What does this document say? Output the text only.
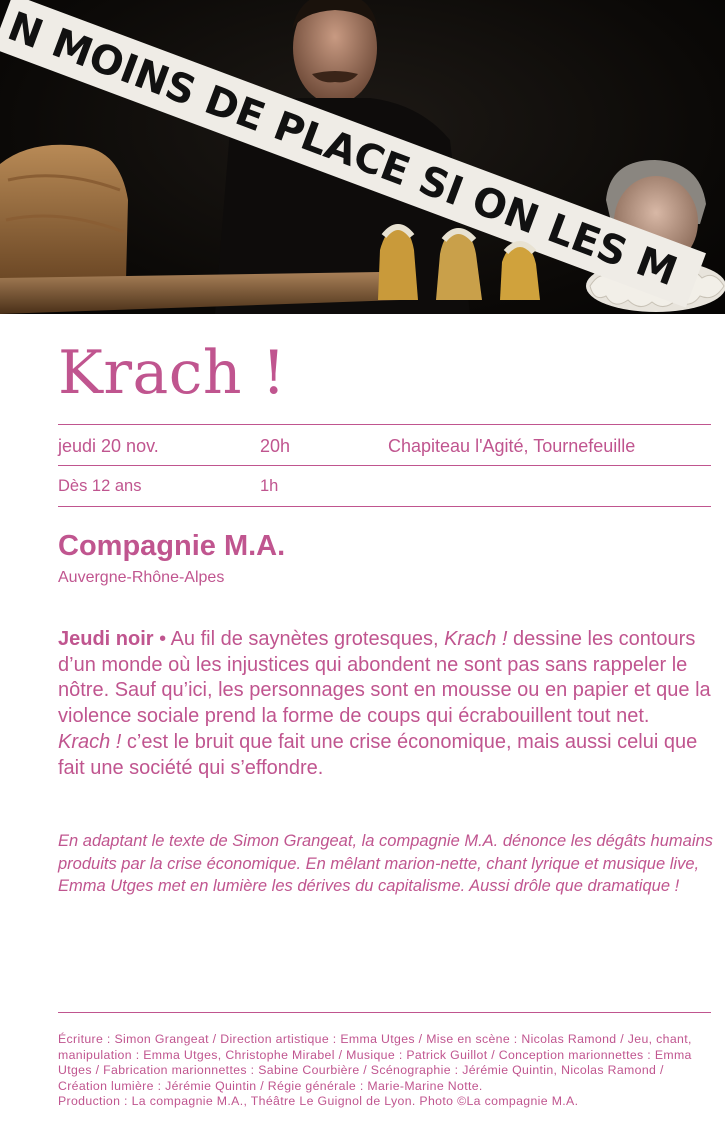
N MOINS DE PLACE SI ON LES M
Krach !
jeudi 20 nov.	20h	Chapiteau l'Agité, Tournefeuille
Dès 12 ans	1h
Compagnie M.A.
Auvergne-Rhône-Alpes

Jeudi noir • Au fil de saynètes grotesques, Krach ! dessine les contours d’un monde où les injustices qui abondent ne sont pas sans rappeler le nôtre. Sauf qu’ici, les personnages sont en mousse ou en papier et que la violence sociale prend la forme de coups qui écrabouillent tout net.
Krach ! c’est le bruit que fait une crise économique, mais aussi celui que fait une société qui s’effondre.

En adaptant le texte de Simon Grangeat, la compagnie M.A. dénonce les dégâts humains produits par la crise économique. En mêlant marion-nette, chant lyrique et musique live, Emma Utges met en lumière les dérives du capitalisme. Aussi drôle que dramatique !

Écriture : Simon Grangeat / Direction artistique : Emma Utges / Mise en scène : Nicolas Ramond / Jeu, chant, manipulation : Emma Utges, Christophe Mirabel / Musique : Patrick Guillot / Conception marionnettes : Emma Utges / Fabrication marionnettes : Sabine Courbière / Scénographie : Jérémie Quintin, Nicolas Ramond / Création lumière : Jérémie Quintin / Régie générale : Marie-Marine Notte.
Production : La compagnie M.A., Théâtre Le Guignol de Lyon. Photo ©La compagnie M.A.
